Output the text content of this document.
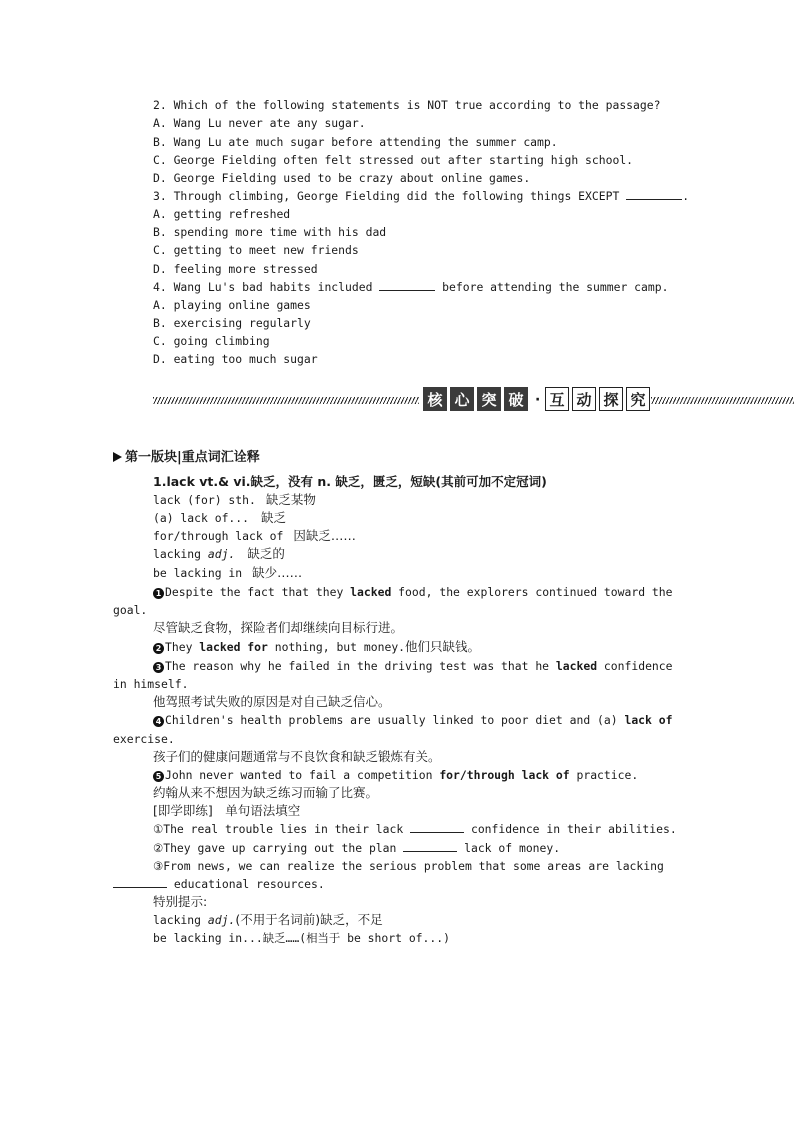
2. Which of the following statements is NOT true according to the passage?
A. Wang Lu never ate any sugar.
B. Wang Lu ate much sugar before attending the summer camp.
C. George Fielding often felt stressed out after starting high school.
D. George Fielding used to be crazy about online games.
3. Through climbing, George Fielding did the following things EXCEPT	.
A. getting refreshed
B. spending more time with his dad
C. getting to meet new friends
D. feeling more stressed
4. Wang Lu's bad habits included	before attending the summer camp.
A. playing online games
B. exercising regularly
C. going climbing
D. eating too much sugar
核 心 突 破 · 互 动 探 究
第一版块|重点词汇诠释
1.lack vt.& vi.缺乏，没有 n. 缺乏，匮乏，短缺(其前可加不定冠词)
lack (for) sth. 缺乏某物
(a) lack of... 缺乏
for/through lack of 因缺乏……
lacking adj. 缺乏的
be lacking in 缺少……
1 Despite the fact that they lacked food, the explorers continued toward the
goal.
尽管缺乏食物，探险者们却继续向目标行进。
2 They lacked for nothing, but money.他们只缺钱。
3 The reason why he failed in the driving test was that he lacked confidence
in himself.
他驾照考试失败的原因是对自己缺乏信心。
4 Children's health problems are usually linked to poor diet and (a) lack of
exercise.
孩子们的健康问题通常与不良饮食和缺乏锻炼有关。
5 John never wanted to fail a competition for/through lack of practice.
约翰从来不想因为缺乏练习而输了比赛。
[即学即练]　单句语法填空
①The real trouble lies in their lack	confidence in their abilities.
②They gave up carrying out the plan	lack of money.
③From news, we can realize the serious problem that some areas are lacking
educational resources.
特别提示:
lacking adj.(不用于名词前)缺乏，不足
be lacking in...缺乏……(相当于 be short of...)
